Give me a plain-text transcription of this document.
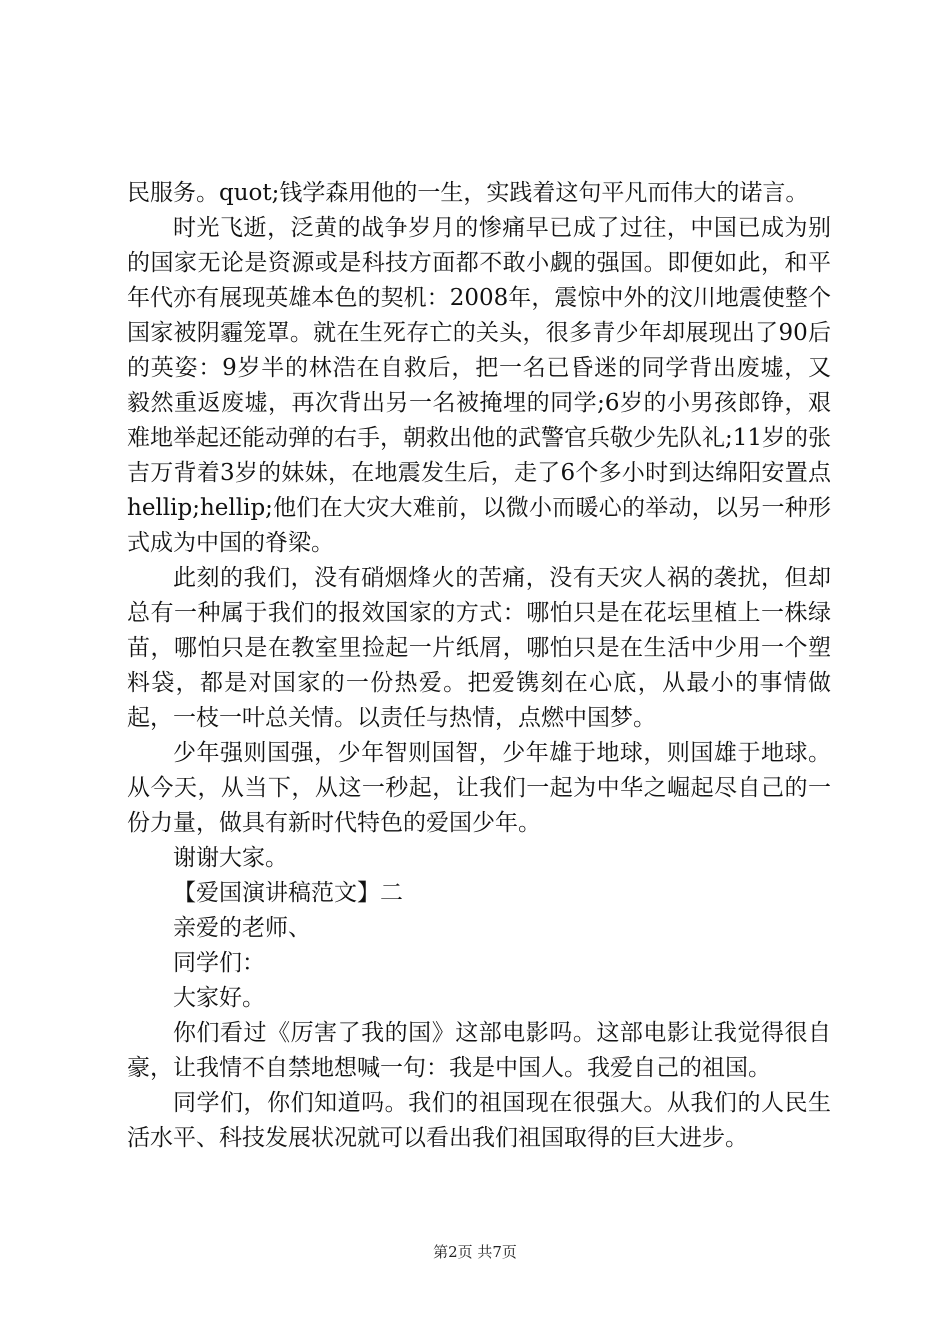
民服务。quot;钱学森用他的一生，实践着这句平凡而伟大的诺言。

时光飞逝，泛黄的战争岁月的惨痛早已成了过往，中国已成为别的国家无论是资源或是科技方面都不敢小觑的强国。即便如此，和平年代亦有展现英雄本色的契机：2008年，震惊中外的汶川地震使整个国家被阴霾笼罩。就在生死存亡的关头，很多青少年却展现出了90后的英姿：9岁半的林浩在自救后，把一名已昏迷的同学背出废墟，又毅然重返废墟，再次背出另一名被掩埋的同学;6岁的小男孩郎铮，艰难地举起还能动弹的右手，朝救出他的武警官兵敬少先队礼;11岁的张吉万背着3岁的妹妹，在地震发生后，走了6个多小时到达绵阳安置点hellip;hellip;他们在大灾大难前，以微小而暖心的举动，以另一种形式成为中国的脊梁。

此刻的我们，没有硝烟烽火的苦痛，没有天灾人祸的袭扰，但却总有一种属于我们的报效国家的方式：哪怕只是在花坛里植上一株绿苗，哪怕只是在教室里捡起一片纸屑，哪怕只是在生活中少用一个塑料袋，都是对国家的一份热爱。把爱镌刻在心底，从最小的事情做起，一枝一叶总关情。以责任与热情，点燃中国梦。

少年强则国强，少年智则国智，少年雄于地球，则国雄于地球。从今天，从当下，从这一秒起，让我们一起为中华之崛起尽自己的一份力量，做具有新时代特色的爱国少年。

谢谢大家。

【爱国演讲稿范文】二

亲爱的老师、

同学们：

大家好。

你们看过《厉害了我的国》这部电影吗。这部电影让我觉得很自豪，让我情不自禁地想喊一句：我是中国人。我爱自己的祖国。

同学们，你们知道吗。我们的祖国现在很强大。从我们的人民生活水平、科技发展状况就可以看出我们祖国取得的巨大进步。

第2页 共7页
